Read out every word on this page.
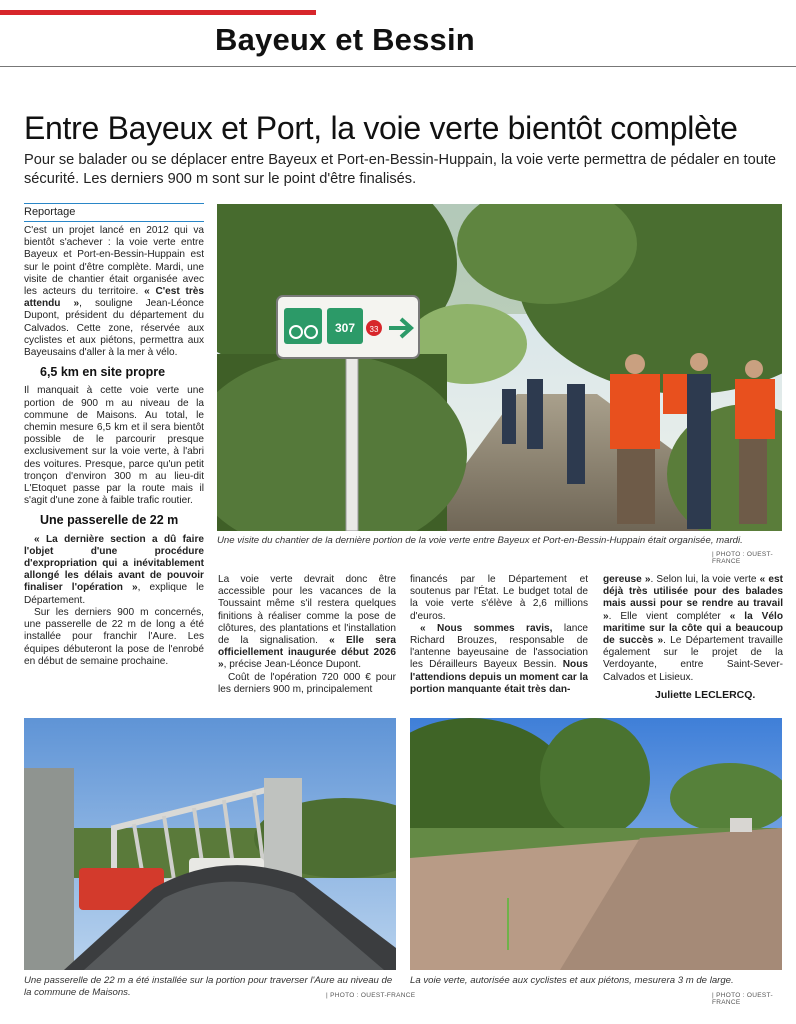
Bayeux et Bessin
Entre Bayeux et Port, la voie verte bientôt complète
Pour se balader ou se déplacer entre Bayeux et Port-en-Bessin-Huppain, la voie verte permettra de pédaler en toute sécurité. Les derniers 900 m sont sur le point d'être finalisés.
Reportage

C'est un projet lancé en 2012 qui va bientôt s'achever : la voie verte entre Bayeux et Port-en-Bessin-Huppain est sur le point d'être complète. Mardi, une visite de chantier était organisée avec les acteurs du territoire. « C'est très attendu », souligne Jean-Léonce Dupont, président du département du Calvados. Cette zone, réservée aux cyclistes et aux piétons, permettra aux Bayeusains d'aller à la mer à vélo.

6,5 km en site propre

Il manquait à cette voie verte une portion de 900 m au niveau de la commune de Maisons. Au total, le chemin mesure 6,5 km et il sera bientôt possible de le parcourir presque exclusivement sur la voie verte, à l'abri des voitures. Presque, parce qu'un petit tronçon d'environ 300 m au lieu-dit L'Etoquet passe par la route mais il s'agit d'une zone à faible trafic routier.

Une passerelle de 22 m

« La dernière section a dû faire l'objet d'une procédure d'expropriation qui a inévitablement allongé les délais avant de pouvoir finaliser l'opération », explique le Département.

Sur les derniers 900 m concernés, une passerelle de 22 m de long a été installée pour franchir l'Aure. Les équipes débuteront la pose de l'enrobé en début de semaine prochaine.

307 33
Une visite du chantier de la dernière portion de la voie verte entre Bayeux et Port-en-Bessin-Huppain était organisée, mardi.
| PHOTO : OUEST-FRANCE

La voie verte devrait donc être accessible pour les vacances de la Toussaint même s'il restera quelques finitions à réaliser comme la pose de clôtures, des plantations et l'installation de la signalisation. « Elle sera officiellement inaugurée début 2026 », précise Jean-Léonce Dupont.

Coût de l'opération 720 000 € pour les derniers 900 m, principalement

financés par le Département et soutenus par l'État. Le budget total de la voie verte s'élève à 2,6 millions d'euros.

« Nous sommes ravis, lance Richard Brouzes, responsable de l'antenne bayeusaine de l'association les Dérailleurs Bayeux Bessin. Nous l'attendions depuis un moment car la portion manquante était très dan-

gereuse ». Selon lui, la voie verte « est déjà très utilisée pour des balades mais aussi pour se rendre au travail ». Elle vient compléter « la Vélo maritime sur la côte qui a beaucoup de succès ». Le Département travaille également sur le projet de la Verdoyante, entre Saint-Sever-Calvados et Lisieux.

Juliette LECLERCQ.
Une passerelle de 22 m a été installée sur la portion pour traverser l'Aure au niveau de la commune de Maisons.	| PHOTO : OUEST-FRANCE
La voie verte, autorisée aux cyclistes et aux piétons, mesurera 3 m de large.
| PHOTO : OUEST-FRANCE
